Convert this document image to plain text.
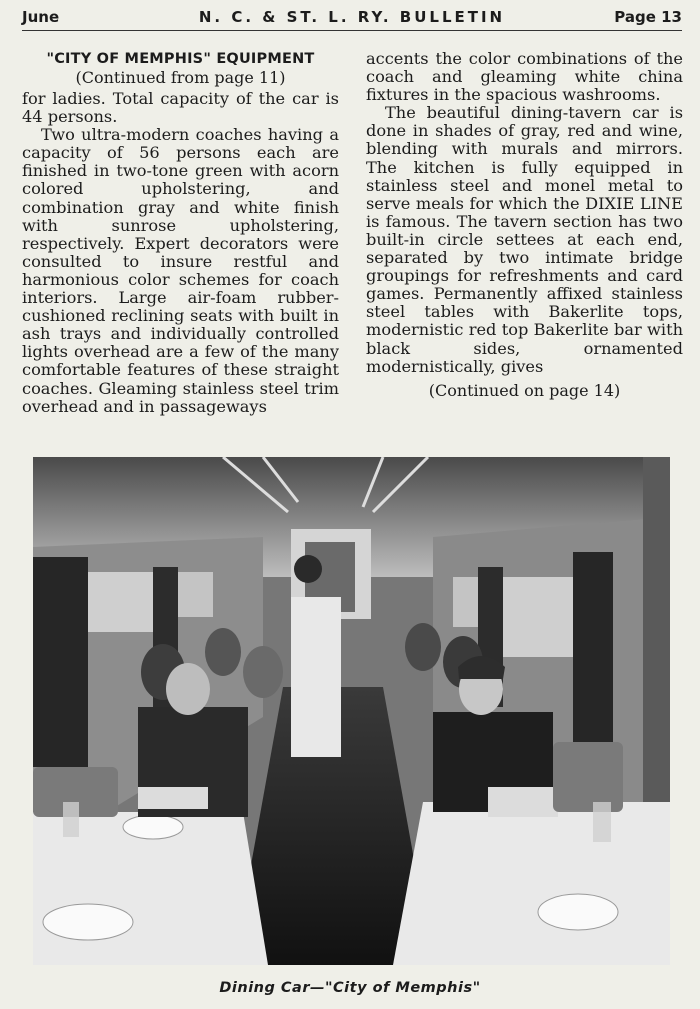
June	N. C. & ST. L. RY. BULLETIN	Page 13
"CITY OF MEMPHIS" EQUIPMENT
(Continued from page 11)

for ladies. Total capacity of the car is 44 persons.

Two ultra-modern coaches having a capacity of 56 persons each are finished in two-tone green with acorn colored upholstering, and combination gray and white finish with sunrose upholstering, respectively. Expert decorators were consulted to insure restful and harmonious color schemes for coach interiors. Large air-foam rubber-cushioned reclining seats with built in ash trays and individually controlled lights overhead are a few of the many comfortable features of these straight coaches. Gleaming stainless steel trim overhead and in passageways

accents the color combinations of the coach and gleaming white china fixtures in the spacious washrooms.

The beautiful dining-tavern car is done in shades of gray, red and wine, blending with murals and mirrors. The kitchen is fully equipped in stainless steel and monel metal to serve meals for which the DIXIE LINE is famous. The tavern section has two built-in circle settees at each end, separated by two intimate bridge groupings for refreshments and card games. Permanently affixed stainless steel tables with Bakerlite tops, modernistic red top Bakerlite bar with black sides, ornamented modernistically, gives

(Continued on page 14)
Dining Car—"City of Memphis"
